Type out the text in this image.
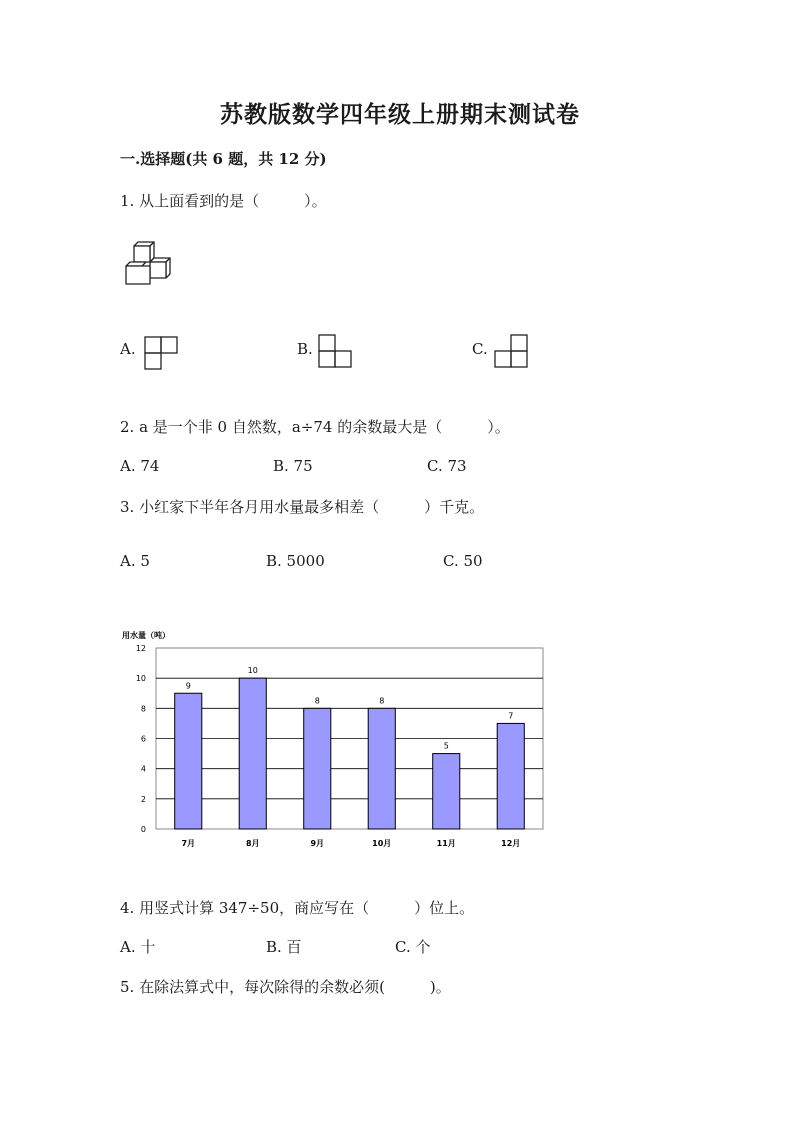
苏教版数学四年级上册期末测试卷
一.选择题(共 6 题，共 12 分)
1. 从上面看到的是（　　　）。
A.	B.	C.
2. a 是一个非 0 自然数，a÷74 的余数最大是（　　　）。
A. 74	B. 75	C. 73
3. 小红家下半年各月用水量最多相差（　　　）千克。
A. 5	B. 5000	C. 50
用水量（吨）
9
10
8	8
5
7
0
2
4
6
8
10
12
7月	8月	9月	10月	11月	12月
4. 用竖式计算 347÷50，商应写在（　　　）位上。
A. 十	B. 百	C. 个
5. 在除法算式中，每次除得的余数必须(　　　)。
